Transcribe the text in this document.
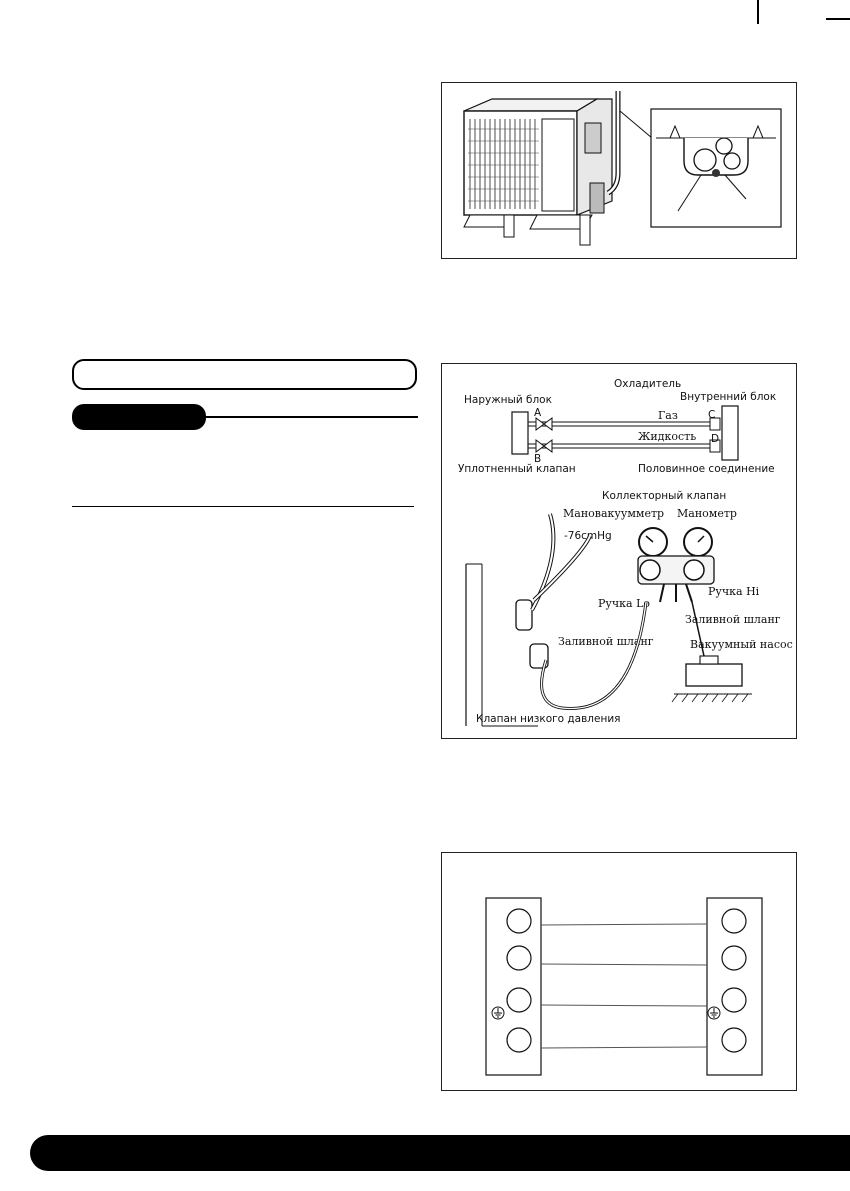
Охладитель
Наружный блок	Внутренний блок
A
B
Газ
Жидкость
C
D
Уплотненный клапан	Половинное соединение
Коллекторный клапан
Мановакуумметр Манометр
-76cmHg
Ручка Hi
Ручка Lo
Заливной шланг
Заливной шланг	Вакуумный насос
Клапан низкого давления
